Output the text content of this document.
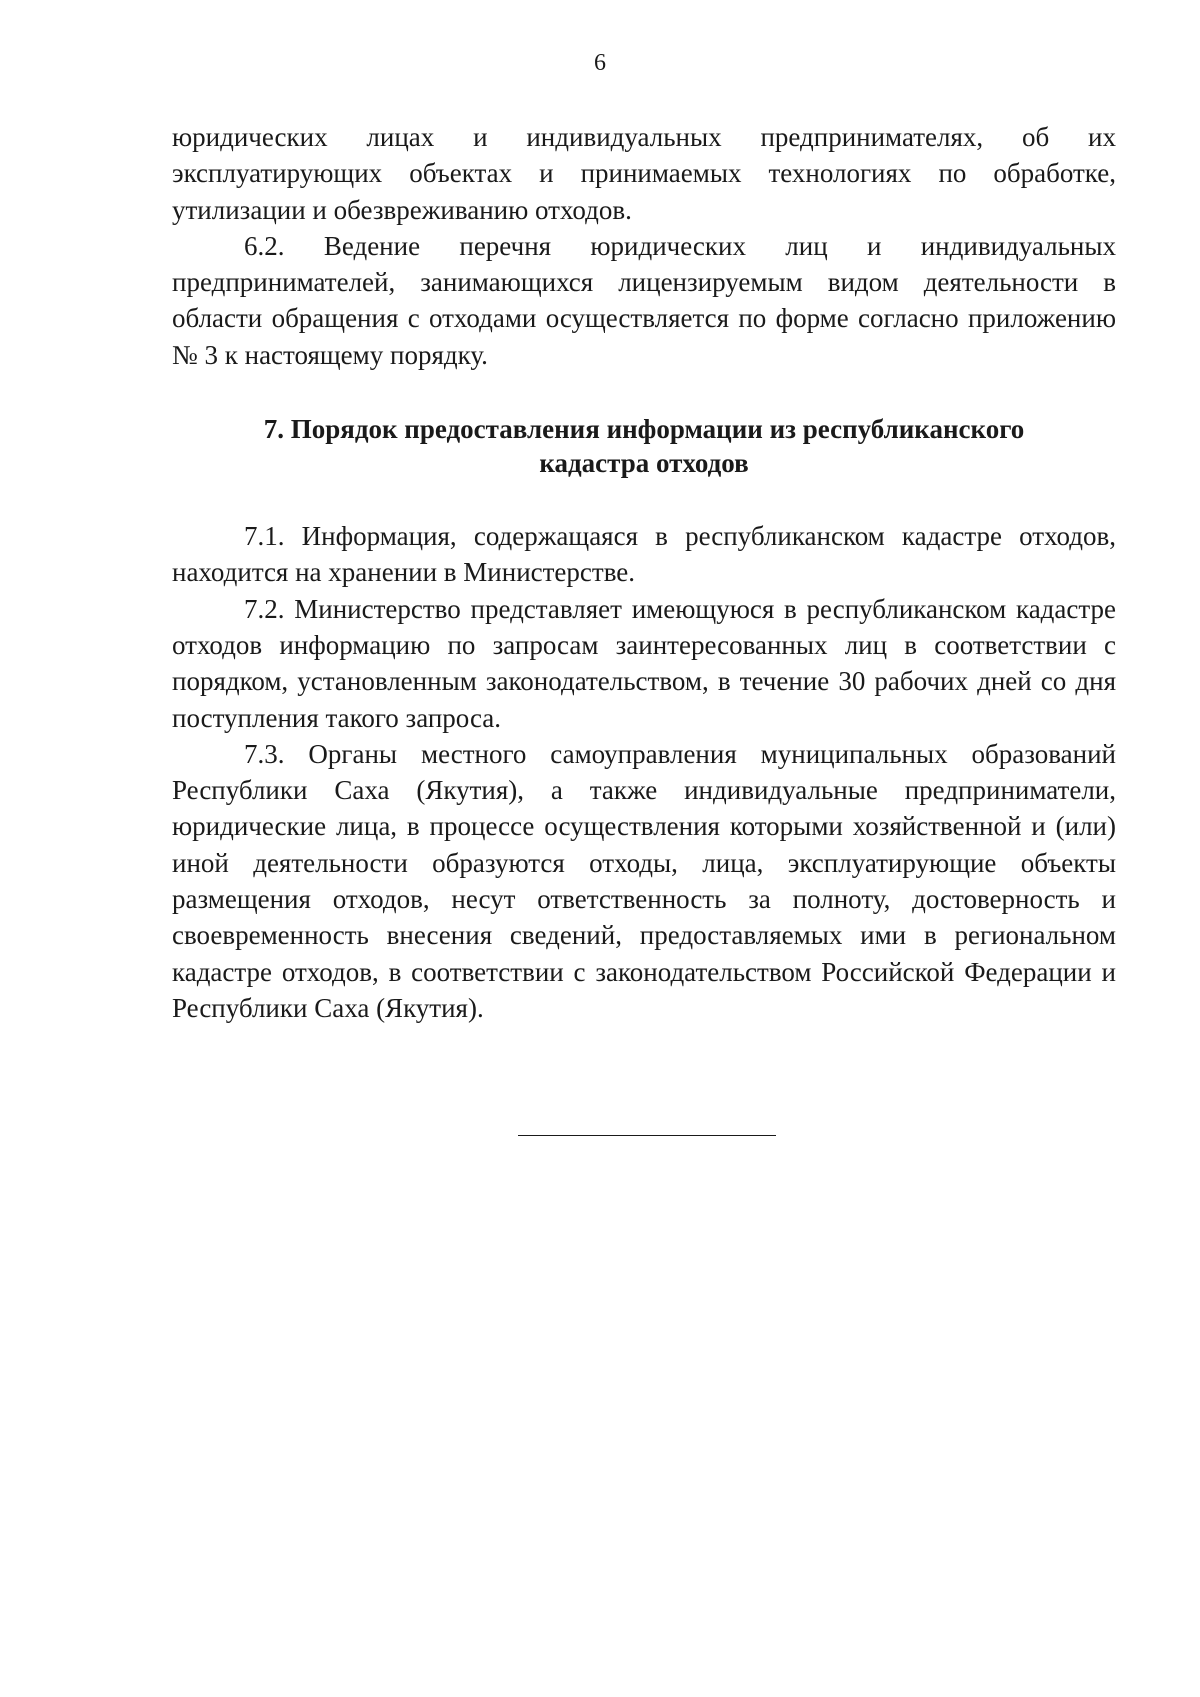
6

юридических лицах и индивидуальных предпринимателях, об их эксплуатирующих объектах и принимаемых технологиях по обработке, утилизации и обезвреживанию отходов.

6.2. Ведение перечня юридических лиц и индивидуальных предпринимателей, занимающихся лицензируемым видом деятельности в области обращения с отходами осуществляется по форме согласно приложению № 3 к настоящему порядку.

7. Порядок предоставления информации из республиканского
кадастра отходов

7.1. Информация, содержащаяся в республиканском кадастре отходов, находится на хранении в Министерстве.

7.2. Министерство представляет имеющуюся в республиканском кадастре отходов информацию по запросам заинтересованных лиц в соответствии с порядком, установленным законодательством, в течение 30 рабочих дней со дня поступления такого запроса.

7.3. Органы местного самоуправления муниципальных образований Республики Саха (Якутия), а также индивидуальные предприниматели, юридические лица, в процессе осуществления которыми хозяйственной и (или) иной деятельности образуются отходы, лица, эксплуатирующие объекты размещения отходов, несут ответственность за полноту, достоверность и своевременность внесения сведений, предоставляемых ими в региональном кадастре отходов, в соответствии с законодательством Российской Федерации и Республики Саха (Якутия).
